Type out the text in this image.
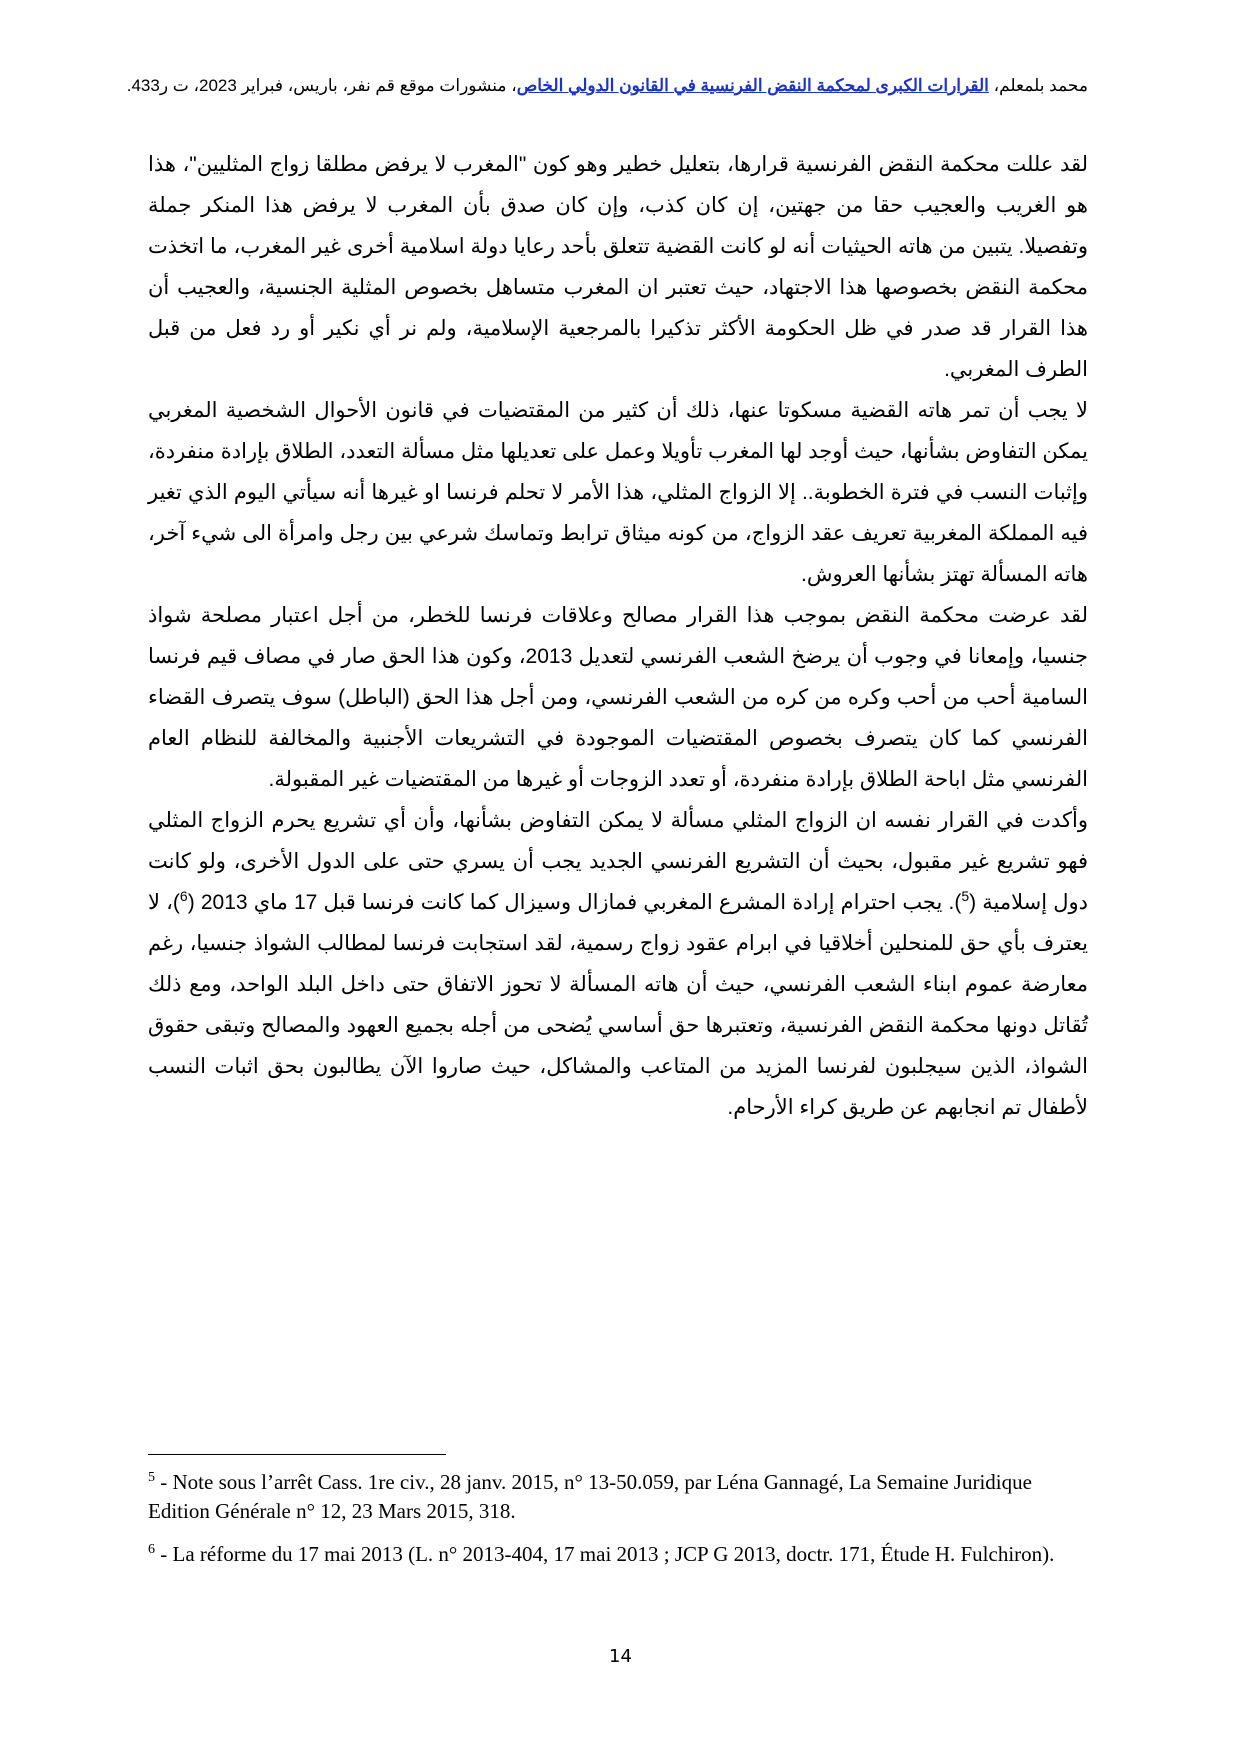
محمد بلمعلم، القرارات الكبرى لمحكمة النقض الفرنسية في القانون الدولي الخاص، منشورات موقع قم نفر، باريس، فبراير 2023، ت ر433.

لقد عللت محكمة النقض الفرنسية قرارها، بتعليل خطير وهو كون "المغرب لا يرفض مطلقا زواج المثليين"، هذا هو الغريب والعجيب حقا من جهتين، إن كان كذب، وإن كان صدق بأن المغرب لا يرفض هذا المنكر جملة وتفصيلا. يتبين من هاته الحيثيات أنه لو كانت القضية تتعلق بأحد رعايا دولة اسلامية أخرى غير المغرب، ما اتخذت محكمة النقض بخصوصها هذا الاجتهاد، حيث تعتبر ان المغرب متساهل بخصوص المثلية الجنسية، والعجيب أن هذا القرار قد صدر في ظل الحكومة الأكثر تذكيرا بالمرجعية الإسلامية، ولم نر أي نكير أو رد فعل من قبل الطرف المغربي.

لا يجب أن تمر هاته القضية مسكوتا عنها، ذلك أن كثير من المقتضيات في قانون الأحوال الشخصية المغربي يمكن التفاوض بشأنها، حيث أوجد لها المغرب تأويلا وعمل على تعديلها مثل مسألة التعدد، الطلاق بإرادة منفردة، وإثبات النسب في فترة الخطوبة.. إلا الزواج المثلي، هذا الأمر لا تحلم فرنسا او غيرها أنه سيأتي اليوم الذي تغير فيه المملكة المغربية تعريف عقد الزواج، من كونه ميثاق ترابط وتماسك شرعي بين رجل وامرأة الى شيء آخر، هاته المسألة تهتز بشأنها العروش.

لقد عرضت محكمة النقض بموجب هذا القرار مصالح وعلاقات فرنسا للخطر، من أجل اعتبار مصلحة شواذ جنسيا، وإمعانا في وجوب أن يرضخ الشعب الفرنسي لتعديل 2013، وكون هذا الحق صار في مصاف قيم فرنسا السامية أحب من أحب وكره من كره من الشعب الفرنسي، ومن أجل هذا الحق (الباطل) سوف يتصرف القضاء الفرنسي كما كان يتصرف بخصوص المقتضيات الموجودة في التشريعات الأجنبية والمخالفة للنظام العام الفرنسي مثل اباحة الطلاق بإرادة منفردة، أو تعدد الزوجات أو غيرها من المقتضيات غير المقبولة.

وأكدت في القرار نفسه ان الزواج المثلي مسألة لا يمكن التفاوض بشأنها، وأن أي تشريع يحرم الزواج المثلي فهو تشريع غير مقبول، بحيث أن التشريع الفرنسي الجديد يجب أن يسري حتى على الدول الأخرى، ولو كانت دول إسلامية ($^5$). يجب احترام إرادة المشرع المغربي فمازال وسيزال كما كانت فرنسا قبل 17 ماي 2013 ($^6$)، لا يعترف بأي حق للمنحلين أخلاقيا في ابرام عقود زواج رسمية، لقد استجابت فرنسا لمطالب الشواذ جنسيا، رغم معارضة عموم ابناء الشعب الفرنسي، حيث أن هاته المسألة لا تحوز الاتفاق حتى داخل البلد الواحد، ومع ذلك تُقاتل دونها محكمة النقض الفرنسية، وتعتبرها حق أساسي يُضحى من أجله بجميع العهود والمصالح وتبقى حقوق الشواذ، الذين سيجلبون لفرنسا المزيد من المتاعب والمشاكل، حيث صاروا الآن يطالبون بحق اثبات النسب لأطفال تم انجابهم عن طريق كراء الأرحام.

$^5$ - Note sous l’arrêt Cass. 1re civ., 28 janv. 2015, n° 13-50.059, par Léna Gannagé, La Semaine Juridique Edition Générale n° 12, 23 Mars 2015, 318.

$^6$ - La réforme du 17 mai 2013 (L. n° 2013-404, 17 mai 2013 ; JCP G 2013, doctr. 171, Étude H. Fulchiron).

14
